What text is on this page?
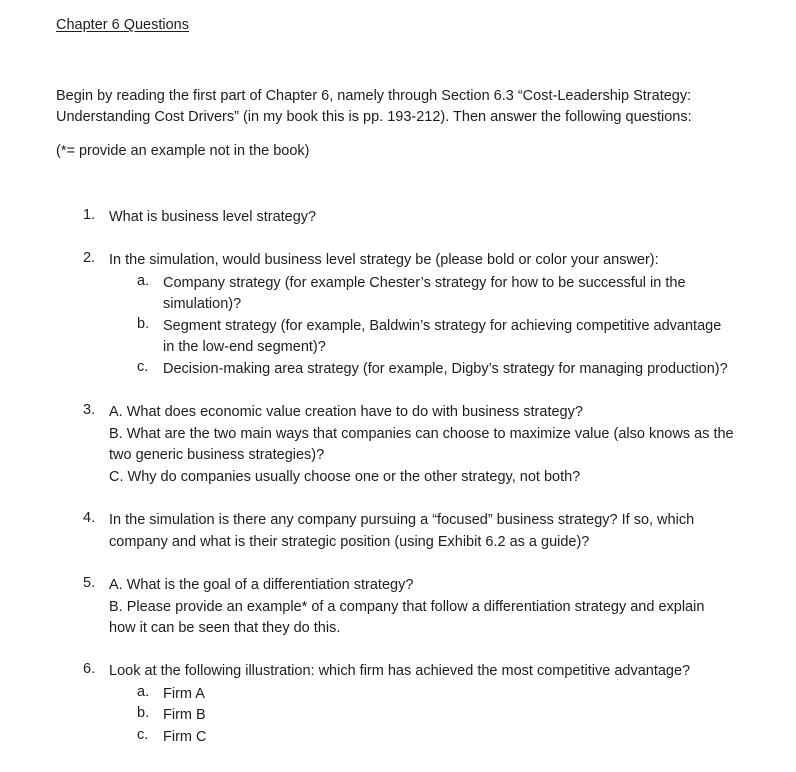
Chapter 6 Questions
Begin by reading the first part of Chapter 6, namely through Section 6.3 “Cost-Leadership Strategy:
Understanding Cost Drivers” (in my book this is pp. 193-212). Then answer the following questions:
(*= provide an example not in the book)
1. What is business level strategy?
2. In the simulation, would business level strategy be (please bold or color your answer):
a. Company strategy (for example Chester’s strategy for how to be successful in the
simulation)?
b. Segment strategy (for example, Baldwin’s strategy for achieving competitive advantage
in the low-end segment)?
c. Decision-making area strategy (for example, Digby’s strategy for managing production)?
3. A. What does economic value creation have to do with business strategy?
B. What are the two main ways that companies can choose to maximize value (also knows as the
two generic business strategies)?
C. Why do companies usually choose one or the other strategy, not both?
4. In the simulation is there any company pursuing a “focused” business strategy? If so, which
company and what is their strategic position (using Exhibit 6.2 as a guide)?
5. A. What is the goal of a differentiation strategy?
B. Please provide an example* of a company that follow a differentiation strategy and explain
how it can be seen that they do this.
6. Look at the following illustration: which firm has achieved the most competitive advantage?
a. Firm A
b. Firm B
c. Firm C
